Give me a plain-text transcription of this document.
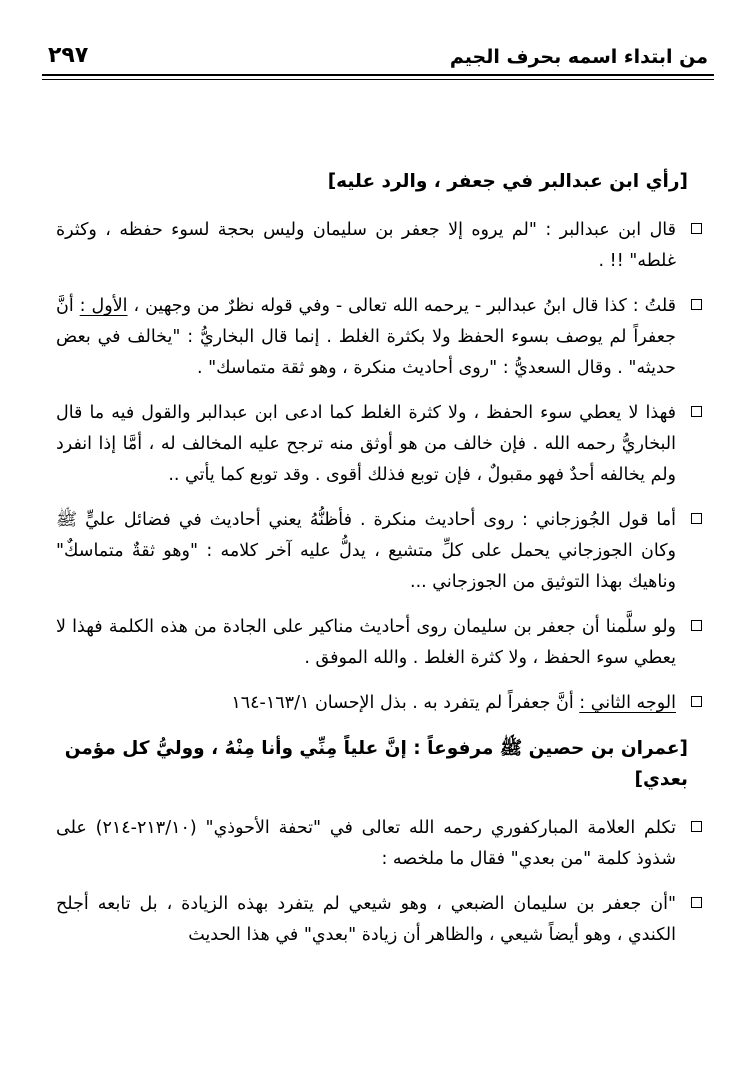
من ابتداء اسمه بحرف الجيم
٢٩٧
[رأي ابن عبدالبر في جعفر ، والرد عليه]
قال ابن عبدالبر : "لم يروه إلا جعفر بن سليمان وليس بحجة لسوء حفظه ، وكثرة غلطه" !! .
قلتُ : كذا قال ابنُ عبدالبر - يرحمه الله تعالى - وفي قوله نظرٌ من وجهين ، الأول : أنَّ جعفراً لم يوصف بسوء الحفظ ولا بكثرة الغلط . إنما قال البخاريُّ : "يخالف في بعض حديثه" . وقال السعديُّ : "روى أحاديث منكرة ، وهو ثقة متماسك" .
فهذا لا يعطي سوء الحفظ ، ولا كثرة الغلط كما ادعى ابن عبدالبر والقول فيه ما قال البخاريُّ رحمه الله . فإن خالف من هو أوثق منه ترجح عليه المخالف له ، أمَّا إذا انفرد ولم يخالفه أحدٌ فهو مقبولٌ ، فإن توبع فذلك أقوى . وقد توبع كما يأتي ..
أما قول الجُوزجاني : روى أحاديث منكرة . فأظنُّهُ يعني أحاديث في فضائل عليٍّ ﷺ وكان الجوزجاني يحمل على كلِّ متشيع ، يدلُّ عليه آخر كلامه : "وهو ثقةٌ متماسكٌ" وناهيك بهذا التوثيق من الجوزجاني ...
ولو سلَّمنا أن جعفر بن سليمان روى أحاديث مناكير على الجادة من هذه الكلمة فهذا لا يعطي سوء الحفظ ، ولا كثرة الغلط . والله الموفق .
الوجه الثاني : أنَّ جعفراً لم يتفرد به . بذل الإحسان ١٦٣/١-١٦٤
[عمران بن حصين ﷺ مرفوعاً : إنَّ علياً مِنِّي وأنا مِنْهُ ، ووليُّ كل مؤمن بعدي]
تكلم العلامة المباركفوري رحمه الله تعالى في "تحفة الأحوذي" (٢١٣/١٠-٢١٤) على شذوذ كلمة "من بعدي" فقال ما ملخصه :
"أن جعفر بن سليمان الضبعي ، وهو شيعي لم يتفرد بهذه الزيادة ، بل تابعه أجلح الكندي ، وهو أيضاً شيعي ، والظاهر أن زيادة "بعدي" في هذا الحديث
